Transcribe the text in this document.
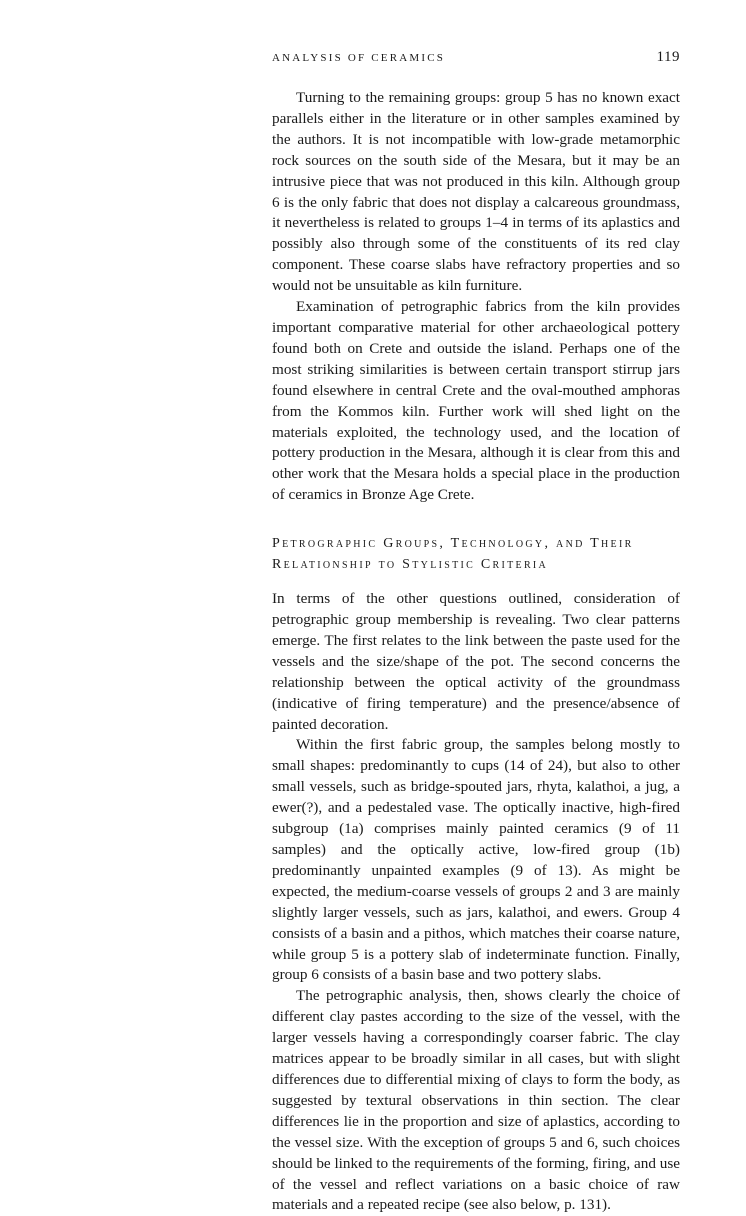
ANALYSIS OF CERAMICS	119

Turning to the remaining groups: group 5 has no known exact parallels either in the literature or in other samples examined by the authors. It is not incompatible with low-grade metamorphic rock sources on the south side of the Mesara, but it may be an intrusive piece that was not produced in this kiln. Although group 6 is the only fabric that does not display a calcareous groundmass, it nevertheless is related to groups 1–4 in terms of its aplastics and possibly also through some of the constituents of its red clay component. These coarse slabs have refractory properties and so would not be unsuitable as kiln furniture.

Examination of petrographic fabrics from the kiln provides important comparative material for other archaeological pottery found both on Crete and outside the island. Perhaps one of the most striking similarities is between certain transport stirrup jars found elsewhere in central Crete and the oval-mouthed amphoras from the Kommos kiln. Further work will shed light on the materials exploited, the technology used, and the location of pottery production in the Mesara, although it is clear from this and other work that the Mesara holds a special place in the production of ceramics in Bronze Age Crete.

Petrographic Groups, Technology, and Their
Relationship to Stylistic Criteria

In terms of the other questions outlined, consideration of petrographic group membership is revealing. Two clear patterns emerge. The first relates to the link between the paste used for the vessels and the size/shape of the pot. The second concerns the relationship between the optical activity of the groundmass (indicative of firing temperature) and the presence/absence of painted decoration.

Within the first fabric group, the samples belong mostly to small shapes: predominantly to cups (14 of 24), but also to other small vessels, such as bridge-spouted jars, rhyta, kalathoi, a jug, a ewer(?), and a pedestaled vase. The optically inactive, high-fired subgroup (1a) comprises mainly painted ceramics (9 of 11 samples) and the optically active, low-fired group (1b) predominantly unpainted examples (9 of 13). As might be expected, the medium-coarse vessels of groups 2 and 3 are mainly slightly larger vessels, such as jars, kalathoi, and ewers. Group 4 consists of a basin and a pithos, which matches their coarse nature, while group 5 is a pottery slab of indeterminate function. Finally, group 6 consists of a basin base and two pottery slabs.

The petrographic analysis, then, shows clearly the choice of different clay pastes according to the size of the vessel, with the larger vessels having a correspondingly coarser fabric. The clay matrices appear to be broadly similar in all cases, but with slight differences due to differential mixing of clays to form the body, as suggested by textural observations in thin section. The clear differences lie in the proportion and size of aplastics, according to the vessel size. With the exception of groups 5 and 6, such choices should be linked to the requirements of the forming, firing, and use of the vessel and reflect variations on a basic choice of raw materials and a repeated recipe (see also below, p. 131).
